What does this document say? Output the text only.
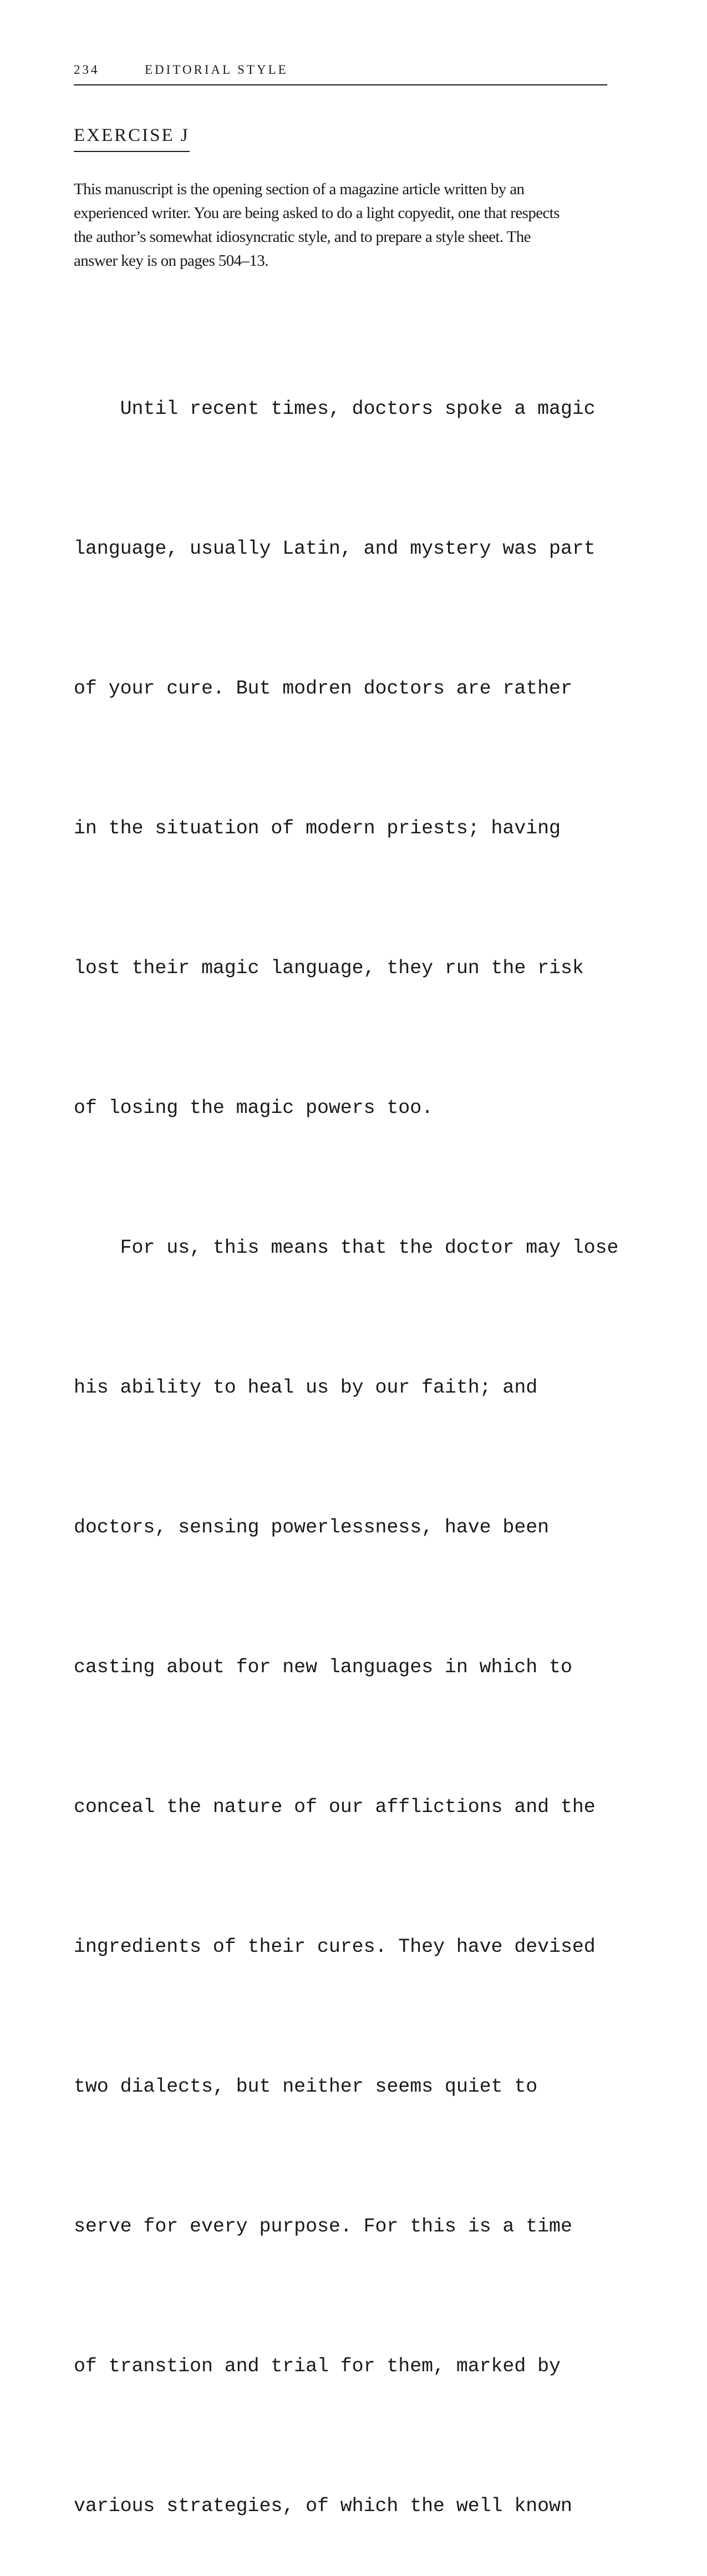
234	EDITORIAL STYLE
EXERCISE J

This manuscript is the opening section of a magazine article written by an
experienced writer. You are being asked to do a light copyedit, one that respects
the author’s somewhat idiosyncratic style, and to prepare a style sheet. The
answer key is on pages 504–13.

Until recent times, doctors spoke a magic

language, usually Latin, and mystery was part

of your cure. But modren doctors are rather

in the situation of modern priests; having

lost their magic language, they run the risk

of losing the magic powers too.

For us, this means that the doctor may lose

his ability to heal us by our faith; and

doctors, sensing powerlessness, have been

casting about for new languages in which to

conceal the nature of our afflictions and the

ingredients of their cures. They have devised

two dialects, but neither seems quiet to

serve for every purpose. For this is a time

of transtion and trial for them, marked by

various strategies, of which the well known
